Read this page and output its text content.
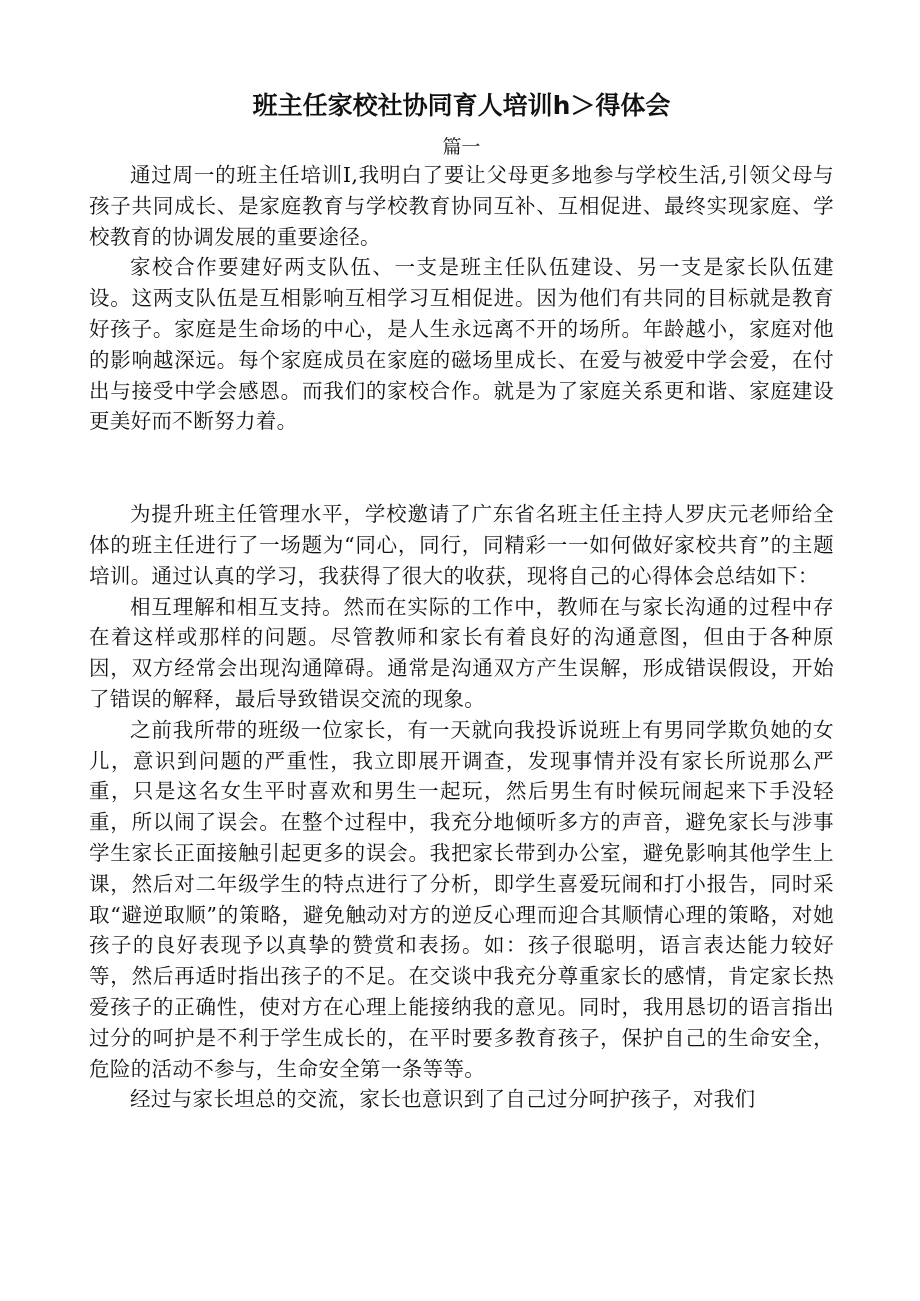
班主任家校社协同育人培训h＞得体会
篇一

通过周一的班主任培训I,我明白了要让父母更多地参与学校生活,引领父母与孩子共同成长、是家庭教育与学校教育协同互补、互相促进、最终实现家庭、学校教育的协调发展的重要途径。

家校合作要建好两支队伍、一支是班主任队伍建设、另一支是家长队伍建设。这两支队伍是互相影响互相学习互相促进。因为他们有共同的目标就是教育好孩子。家庭是生命场的中心，是人生永远离不开的场所。年龄越小，家庭对他的影响越深远。每个家庭成员在家庭的磁场里成长、在爱与被爱中学会爱，在付出与接受中学会感恩。而我们的家校合作。就是为了家庭关系更和谐、家庭建设更美好而不断努力着。

为提升班主任管理水平，学校邀请了广东省名班主任主持人罗庆元老师给全体的班主任进行了一场题为“同心，同行，同精彩一一如何做好家校共育”的主题培训。通过认真的学习，我获得了很大的收获，现将自己的心得体会总结如下：

相互理解和相互支持。然而在实际的工作中，教师在与家长沟通的过程中存在着这样或那样的问题。尽管教师和家长有着良好的沟通意图，但由于各种原因，双方经常会出现沟通障碍。通常是沟通双方产生误解，形成错误假设，开始了错误的解释，最后导致错误交流的现象。

之前我所带的班级一位家长，有一天就向我投诉说班上有男同学欺负她的女儿，意识到问题的严重性，我立即展开调查，发现事情并没有家长所说那么严重，只是这名女生平时喜欢和男生一起玩，然后男生有时候玩闹起来下手没轻重，所以闹了误会。在整个过程中，我充分地倾听多方的声音，避免家长与涉事学生家长正面接触引起更多的误会。我把家长带到办公室，避免影响其他学生上课，然后对二年级学生的特点进行了分析，即学生喜爱玩闹和打小报告，同时采取“避逆取顺”的策略，避免触动对方的逆反心理而迎合其顺情心理的策略，对她孩子的良好表现予以真挚的赞赏和表扬。如：孩子很聪明，语言表达能力较好等，然后再适时指出孩子的不足。在交谈中我充分尊重家长的感情，肯定家长热爱孩子的正确性，使对方在心理上能接纳我的意见。同时，我用恳切的语言指出过分的呵护是不利于学生成长的，在平时要多教育孩子，保护自己的生命安全，危险的活动不参与，生命安全第一条等等。

经过与家长坦总的交流，家长也意识到了自己过分呵护孩子，对我们
